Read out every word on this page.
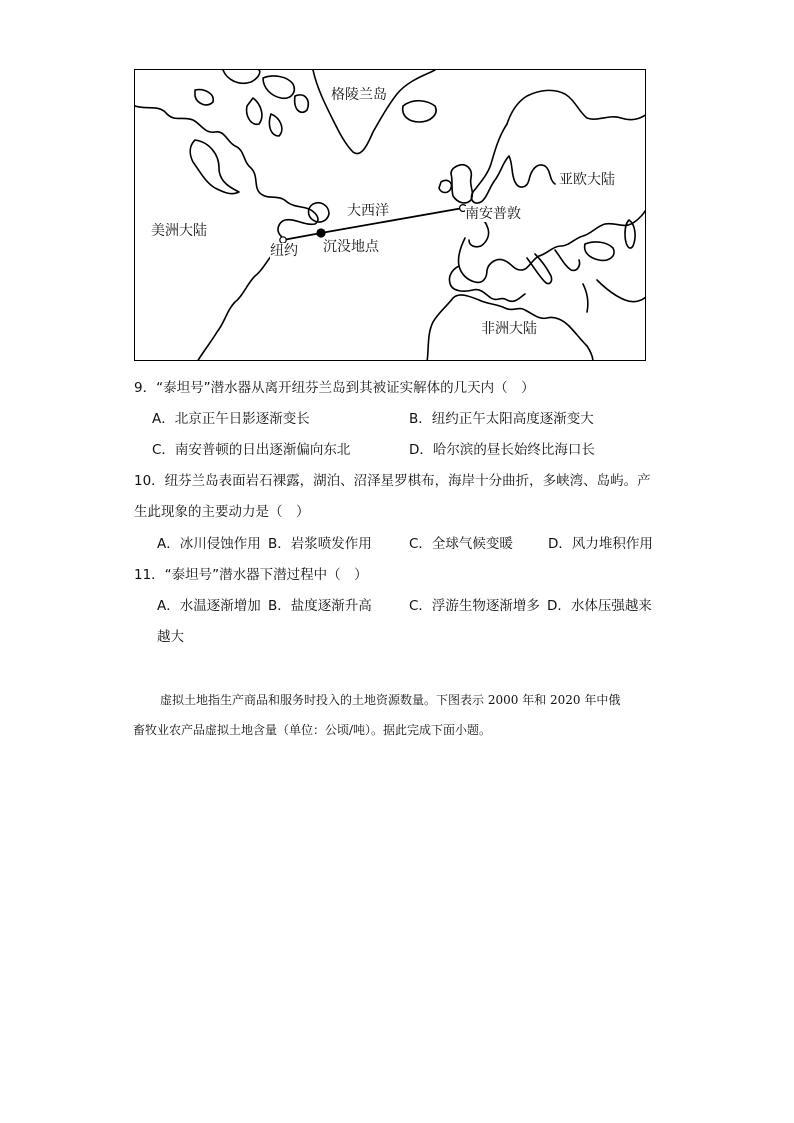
格陵兰岛
亚欧大陆
大西洋	南安普敦
美洲大陆
纽约 沉没地点
非洲大陆
9．“泰坦号”潜水器从离开纽芬兰岛到其被证实解体的几天内（　）
A．北京正午日影逐渐变长	B．纽约正午太阳高度逐渐变大
C．南安普顿的日出逐渐偏向东北	D．哈尔滨的昼长始终比海口长
10．纽芬兰岛表面岩石裸露，湖泊、沼泽星罗棋布，海岸十分曲折，多峡湾、岛屿。产
生此现象的主要动力是（　）
A．冰川侵蚀作用 B．岩浆喷发作用	C．全球气候变暖	D．风力堆积作用
11．“泰坦号”潜水器下潜过程中（　）
A．水温逐渐增加 B．盐度逐渐升高	C．浮游生物逐渐增多 D．水体压强越来
越大
虚拟土地指生产商品和服务时投入的土地资源数量。下图表示 2000 年和 2020 年中俄
畜牧业农产品虚拟土地含量（单位：公顷/吨）。据此完成下面小题。
